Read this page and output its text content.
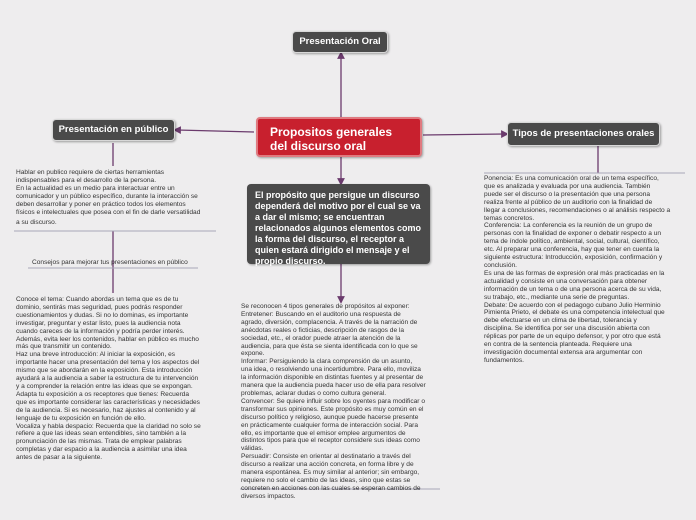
Presentación Oral
Presentación en público	Propositos generales del discurso oral
Tipos de presentaciones orales
El propósito que persigue un discurso dependerá del motivo por el cual se va a dar el mismo; se encuentran relacionados algunos elementos como la forma del discurso, el receptor a quien estará dirigido el mensaje y el propio discurso.

Hablar en publico requiere de ciertas herramientas
indispensables para el desarrollo de la persona.
En la actualidad es un medio para interactuar entre un
comunicador y un público específico, durante la interacción se
deben desarrollar y poner en práctico todos los elementos
físicos e intelectuales que posea con el fin de darle versatilidad

a su discurso.

Consejos para mejorar tus presentaciones en público

Conoce el tema: Cuando abordas un tema que es de tu
dominio, sentirás mas seguridad, pues podrás responder
cuestionamientos y dudas. Si no lo dominas, es importante
investigar, preguntar y estar listo, pues la audiencia nota
cuando careces de la información y podría perder interés.
Además, evita leer los contenidos, hablar en público es mucho
más que transmitir un contenido.
Haz una breve introducción: Al iniciar la exposición, es
importante hacer una presentación del tema y los aspectos del
mismo que se abordarán en la exposición. Esta introducción
ayudará a la audiencia a saber la estructura de tu intervención
y a comprender la relación entre las ideas que se expongan.
Adapta tu exposición a os receptores que tienes: Recuerda
que es importante considerar las características y necesidades
de la audiencia. Si es necesario, haz ajustes al contenido y al
lenguaje de tu exposición en función de ello.
Vocaliza y habla despacio: Recuerda que la claridad no solo se
refiere a que las ideas sean entendibles, sino también a la
pronunciación de las mismas. Trata de emplear palabras
completas y dar espacio a la audiencia a asimilar una idea
antes de pasar a la siguiente.

Se reconocen 4 tipos generales de propósitos al exponer:
Entretener: Buscando en el auditorio una respuesta de
agrado, diversión, complacencia. A través de la narración de
anécdotas reales o ficticias, descripción de rasgos de la
sociedad, etc., el orador puede atraer la atención de la
audiencia, para que ésta se sienta identificada con lo que se
expone.
Informar: Persiguiendo la clara comprensión de un asunto,
una idea, o resolviendo una incertidumbre. Para ello, moviliza
la información disponible en distintas fuentes y al presentar de
manera que la audiencia pueda hacer uso de ella para resolver
problemas, aclarar dudas o como cultura general.
Convencer: Se quiere influir sobre los oyentes para modificar o
transformar sus opiniones. Este propósito es muy común en el
discurso político y religioso, aunque puede hacerse presente
en prácticamente cualquier forma de interacción social. Para
ello, es importante que el emisor emplee argumentos de
distintos tipos para que el receptor considere sus ideas como
válidas.
Persuadir: Consiste en orientar al destinatario a través del
discurso a realizar una acción concreta, en forma libre y de
manera espontánea. Es muy similar al anterior; sin embargo,
requiere no solo el cambio de las ideas, sino que estas se
concreten en acciones con las cuales se esperan cambios de
diversos impactos.

Ponencia: Es una comunicación oral de un tema específico,
que es analizada y evaluada por una audiencia. También
puede ser el discurso o la presentación que una persona
realiza frente al público de un auditorio con la finalidad de
llegar a conclusiones, recomendaciones o al análisis respecto a
temas concretos.
Conferencia: La conferencia es la reunión de un grupo de
personas con la finalidad de exponer o debatir respecto a un
tema de índole político, ambiental, social, cultural, científico,
etc. Al preparar una conferencia, hay que tener en cuenta la
siguiente estructura: Introducción, exposición, confirmación y
conclusión.
Es una de las formas de expresión oral más practicadas en la
actualidad y consiste en una conversación para obtener
información de un tema o de una persona acerca de su vida,
su trabajo, etc., mediante una serie de preguntas.
Debate: De acuerdo con el pedagogo cubano Julio Herminio
Pimienta Prieto, el debate es una competencia intelectual que
debe efectuarse en un clima de libertad, tolerancia y
disciplina. Se identifica por ser una discusión abierta con
réplicas por parte de un equipo defensor, y por otro que está
en contra de la sentencia planteada. Requiere una
investigación documental extensa ara argumentar con
fundamentos.
